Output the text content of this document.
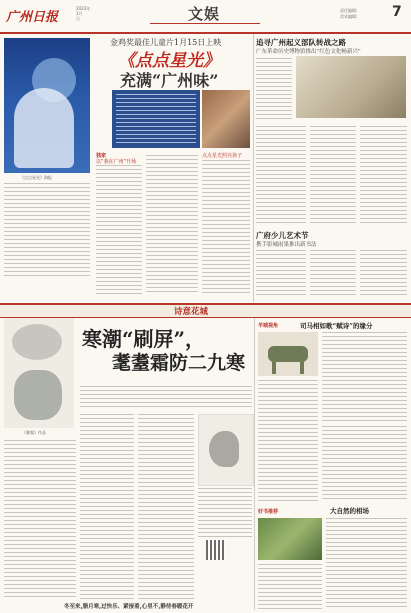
广州日报
2023年
1月
日	文娱	责任编辑:
美术编辑: 7
《点点星光》海报
金鸡奖最佳儿童片1月15日上映
《点点星光》
充满“广州味”
独家
以“我在广州”开场
点点星光照亮孩子
追寻广州起义部队转战之路
广东革命历史博物馆推出“红色文化畅新兴”
广府少儿艺术节
携手影城雨果推出新书法
诗意花城
寒潮“刷屏”，
耄耋霜防二九寒
《雅集》作品
冬至来,腊月寒,过快乐、紧接着,心里不,静待春暖花开
羊城视角	司马相如歌“赋诗”的缘分
好书推荐	大自然的相场
